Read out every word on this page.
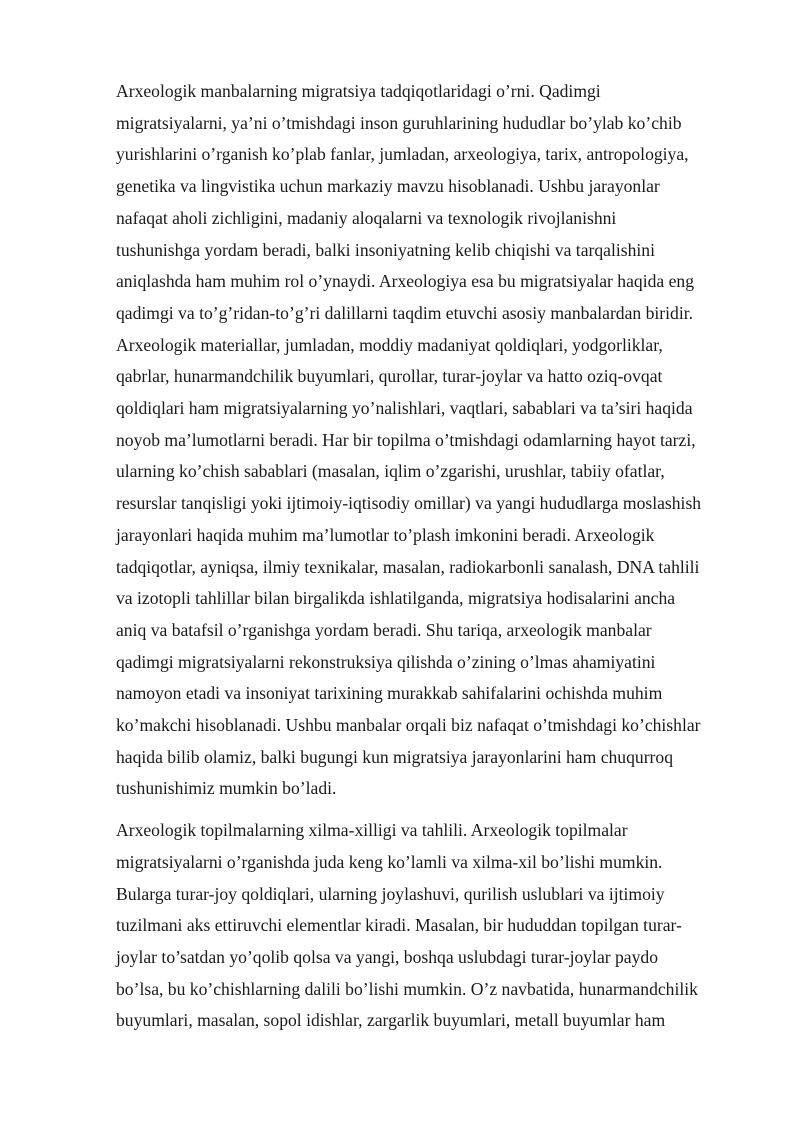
Arxeologik manbalarning migratsiya tadqiqotlaridagi o’rni. Qadimgi
migratsiyalarni, ya’ni o’tmishdagi inson guruhlarining hududlar bo’ylab ko’chib
yurishlarini o’rganish ko’plab fanlar, jumladan, arxeologiya, tarix, antropologiya,
genetika va lingvistika uchun markaziy mavzu hisoblanadi. Ushbu jarayonlar
nafaqat aholi zichligini, madaniy aloqalarni va texnologik rivojlanishni
tushunishga yordam beradi, balki insoniyatning kelib chiqishi va tarqalishini
aniqlashda ham muhim rol o’ynaydi. Arxeologiya esa bu migratsiyalar haqida eng
qadimgi va to’g’ridan-to’g’ri dalillarni taqdim etuvchi asosiy manbalardan biridir.
Arxeologik materiallar, jumladan, moddiy madaniyat qoldiqlari, yodgorliklar,
qabrlar, hunarmandchilik buyumlari, qurollar, turar-joylar va hatto oziq-ovqat
qoldiqlari ham migratsiyalarning yo’nalishlari, vaqtlari, sabablari va ta’siri haqida
noyob ma’lumotlarni beradi. Har bir topilma o’tmishdagi odamlarning hayot tarzi,
ularning ko’chish sabablari (masalan, iqlim o’zgarishi, urushlar, tabiiy ofatlar,
resurslar tanqisligi yoki ijtimoiy-iqtisodiy omillar) va yangi hududlarga moslashish
jarayonlari haqida muhim ma’lumotlar to’plash imkonini beradi. Arxeologik
tadqiqotlar, ayniqsa, ilmiy texnikalar, masalan, radiokarbonli sanalash, DNA tahlili
va izotopli tahlillar bilan birgalikda ishlatilganda, migratsiya hodisalarini ancha
aniq va batafsil o’rganishga yordam beradi. Shu tariqa, arxeologik manbalar
qadimgi migratsiyalarni rekonstruksiya qilishda o’zining o’lmas ahamiyatini
namoyon etadi va insoniyat tarixining murakkab sahifalarini ochishda muhim
ko’makchi hisoblanadi. Ushbu manbalar orqali biz nafaqat o’tmishdagi ko’chishlar
haqida bilib olamiz, balki bugungi kun migratsiya jarayonlarini ham chuqurroq
tushunishimiz mumkin bo’ladi.

Arxeologik topilmalarning xilma-xilligi va tahlili. Arxeologik topilmalar
migratsiyalarni o’rganishda juda keng ko’lamli va xilma-xil bo’lishi mumkin.
Bularga turar-joy qoldiqlari, ularning joylashuvi, qurilish uslublari va ijtimoiy
tuzilmani aks ettiruvchi elementlar kiradi. Masalan, bir hududdan topilgan turar-
joylar to’satdan yo’qolib qolsa va yangi, boshqa uslubdagi turar-joylar paydo
bo’lsa, bu ko’chishlarning dalili bo’lishi mumkin. O’z navbatida, hunarmandchilik
buyumlari, masalan, sopol idishlar, zargarlik buyumlari, metall buyumlar ham
